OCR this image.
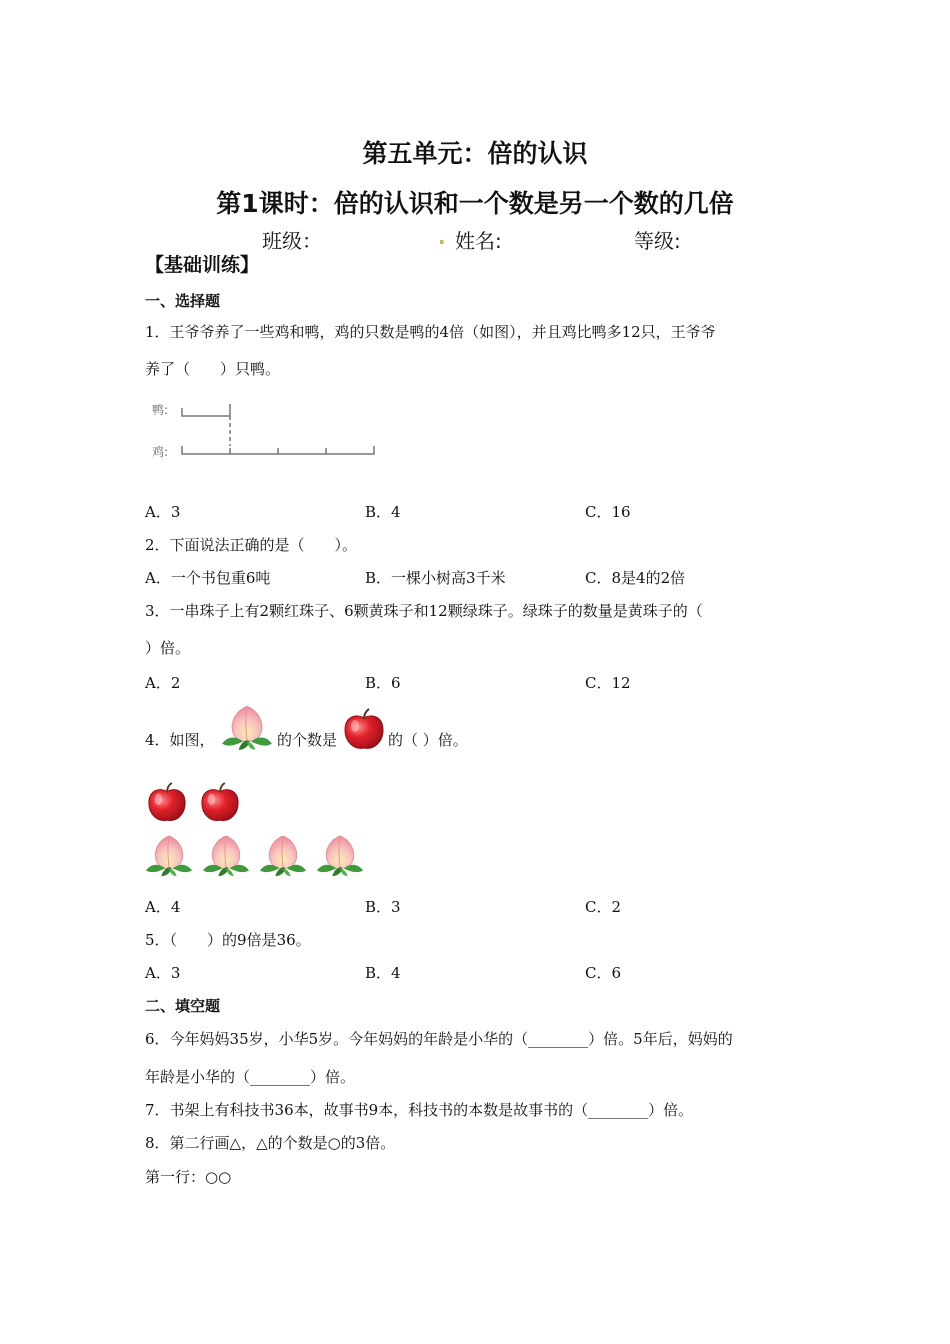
第五单元：倍的认识
第1课时：倍的认识和一个数是另一个数的几倍
班级：	. 姓名:	等级:
【基础训练】
一、选择题
1．王爷爷养了一些鸡和鸭，鸡的只数是鸭的4倍（如图），并且鸡比鸭多12只，王爷爷
养了（　　）只鸭。
鸭:
鸡:
A．3	B．4	C．16
2．下面说法正确的是（　　）。
A．一个书包重6吨	B．一棵小树高3千米	C．8是4的2倍
3．一串珠子上有2颗红珠子、6颗黄珠子和12颗绿珠子。绿珠子的数量是黄珠子的（
）倍。
A．2	B．6	C．12
4．如图，	的个数是	的（ ）倍。
A．4	B．3	C．2
5．（　　）的9倍是36。
A．3	B．4	C．6
二、填空题
6．今年妈妈35岁，小华5岁。今年妈妈的年龄是小华的（________）倍。5年后，妈妈的
年龄是小华的（________）倍。
7．书架上有科技书36本，故事书9本，科技书的本数是故事书的（________）倍。
8．第二行画△，△的个数是○的3倍。
第一行：○○
